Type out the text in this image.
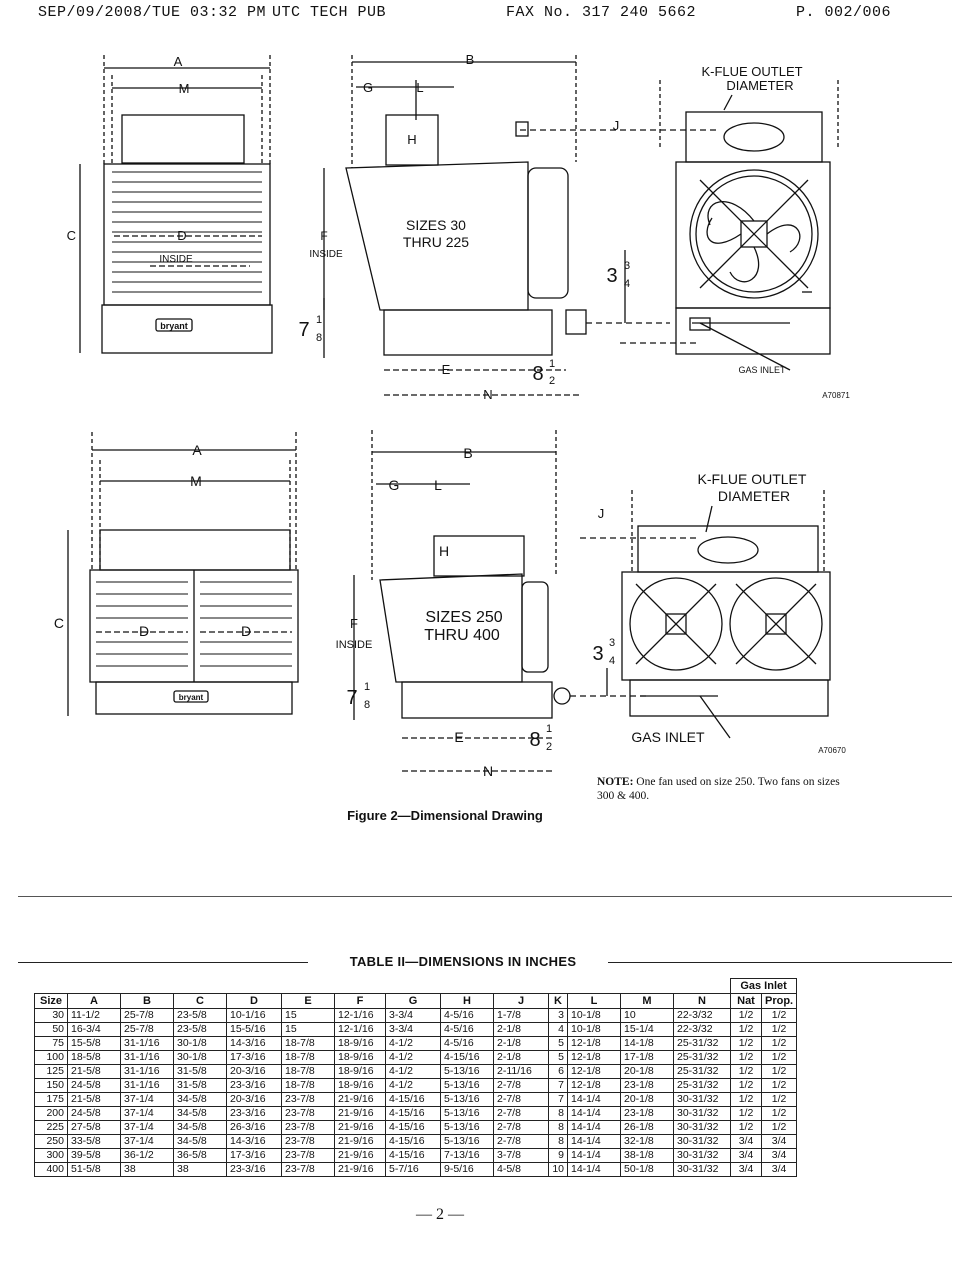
SEP/09/2008/TUE 03:32 PM UTC TECH PUB	FAX No. 317 240 5662	P. 002/006
A
M
C	D
INSIDE
bryant
B
G	L
H
F
INSIDE
SIZES 30
THRU 225
7 1
8
E	8 1
2
N
J
K-FLUE OUTLET
DIAMETER
3 3
4
GAS INLET
A70871
A
M
C	D	D
bryant
B
G L
H
F
INSIDE
SIZES 250
THRU 400
7 1
8
E	8 1
2
N
J
K-FLUE OUTLET
DIAMETER
3 3
4
GAS INLET
A70670
NOTE: One fan used on size 250. Two fans on sizes 300 & 400.
Figure 2—Dimensional Drawing
TABLE II—DIMENSIONS IN INCHES
														Gas Inlet	
Size	A	B	C	D	E	F	G	H	J	K	L	M	N	Nat	Prop.
30	11-1/2	25-7/8	23-5/8	10-1/16	15	12-1/16	3-3/4	4-5/16	1-7/8	3	10-1/8	10	22-3/32	1/2	1/2
50	16-3/4	25-7/8	23-5/8	15-5/16	15	12-1/16	3-3/4	4-5/16	2-1/8	4	10-1/8	15-1/4	22-3/32	1/2	1/2
75	15-5/8	31-1/16	30-1/8	14-3/16	18-7/8	18-9/16	4-1/2	4-5/16	2-1/8	5	12-1/8	14-1/8	25-31/32	1/2	1/2
100	18-5/8	31-1/16	30-1/8	17-3/16	18-7/8	18-9/16	4-1/2	4-15/16	2-1/8	5	12-1/8	17-1/8	25-31/32	1/2	1/2
125	21-5/8	31-1/16	31-5/8	20-3/16	18-7/8	18-9/16	4-1/2	5-13/16	2-11/16	6	12-1/8	20-1/8	25-31/32	1/2	1/2
150	24-5/8	31-1/16	31-5/8	23-3/16	18-7/8	18-9/16	4-1/2	5-13/16	2-7/8	7	12-1/8	23-1/8	25-31/32	1/2	1/2
175	21-5/8	37-1/4	34-5/8	20-3/16	23-7/8	21-9/16	4-15/16	5-13/16	2-7/8	7	14-1/4	20-1/8	30-31/32	1/2	1/2
200	24-5/8	37-1/4	34-5/8	23-3/16	23-7/8	21-9/16	4-15/16	5-13/16	2-7/8	8	14-1/4	23-1/8	30-31/32	1/2	1/2
225	27-5/8	37-1/4	34-5/8	26-3/16	23-7/8	21-9/16	4-15/16	5-13/16	2-7/8	8	14-1/4	26-1/8	30-31/32	1/2	1/2
250	33-5/8	37-1/4	34-5/8	14-3/16	23-7/8	21-9/16	4-15/16	5-13/16	2-7/8	8	14-1/4	32-1/8	30-31/32	3/4	3/4
300	39-5/8	36-1/2	36-5/8	17-3/16	23-7/8	21-9/16	4-15/16	7-13/16	3-7/8	9	14-1/4	38-1/8	30-31/32	3/4	3/4
400	51-5/8	38	38	23-3/16	23-7/8	21-9/16	5-7/16	9-5/16	4-5/8	10	14-1/4	50-1/8	30-31/32	3/4	3/4
— 2 —
